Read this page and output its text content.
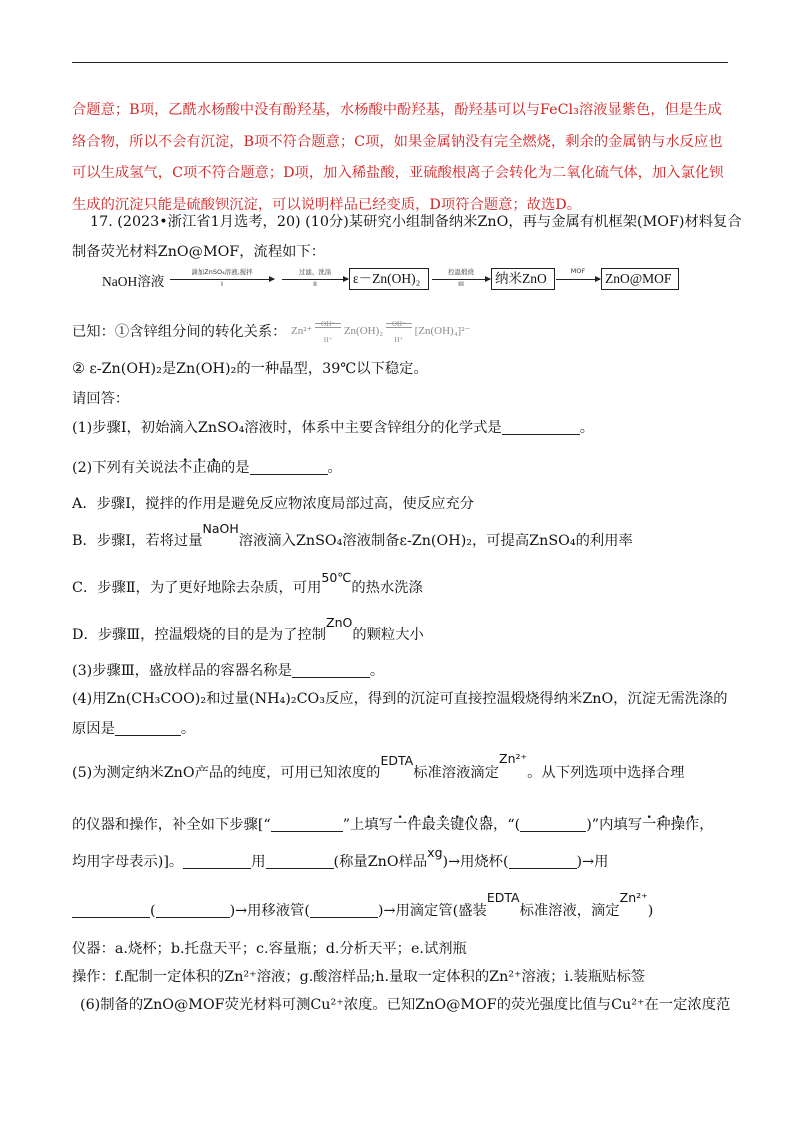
合题意；B项，乙酰水杨酸中没有酚羟基，水杨酸中酚羟基，酚羟基可以与FeCl₃溶液显紫色，但是生成络合物，所以不会有沉淀，B项不符合题意；C项，如果金属钠没有完全燃烧，剩余的金属钠与水反应也可以生成氢气，C项不符合题意；D项，加入稀盐酸，亚硫酸根离子会转化为二氧化硫气体，加入氯化钡生成的沉淀只能是硫酸钡沉淀，可以说明样品已经变质，D项符合题意；故选D。
17. (2023•浙江省1月选考，20) (10分)某研究小组制备纳米ZnO，再与金属有机框架(MOF)材料复合
制备荧光材料ZnO@MOF，流程如下：
NaOH溶液
滴加ZnSO₄溶液,搅拌
I
过滤、洗涤
II	ε－Zn(OH)₂	控温煅烧
III	纳米ZnO	MOF	ZnO@MOF
已知：①含锌组分间的转化关系： $Zn^{2+} \frac{OH^-}{H^+} Zn(OH)_2 \frac{OH^-}{H^+} [Zn(OH)_4]^{2-}$
② ε-Zn(OH)₂是Zn(OH)₂的一种晶型，39℃以下稳定。
请回答：
(1)步骤Ⅰ，初始滴入ZnSO₄溶液时，体系中主要含锌组分的化学式是	。
(2)下列有关说法不正确的是	。
A．步骤Ⅰ，搅拌的作用是避免反应物浓度局部过高，使反应充分
B．步骤Ⅰ，若将过量NaOH溶液滴入ZnSO₄溶液制备ε-Zn(OH)₂，可提高ZnSO₄的利用率
C．步骤Ⅱ，为了更好地除去杂质，可用50℃的热水洗涤
D．步骤Ⅲ，控温煅烧的目的是为了控制ZnO的颗粒大小
(3)步骤Ⅲ，盛放样品的容器名称是	。
(4)用Zn(CH₃COO)₂和过量(NH₄)₂CO₃反应，得到的沉淀可直接控温煅烧得纳米ZnO，沉淀无需洗涤的
原因是	。
(5)为测定纳米ZnO产品的纯度，可用已知浓度的EDTA标准溶液滴定Zn²⁺。从下列选项中选择合理
的仪器和操作，补全如下步骤[“	”上填写一件最关键仪器，“(	)”内填写一种操作，
均用字母表示)]。	用	(称量ZnO样品xg)→用烧杯(	)→用
(	)→用移液管(	)→用滴定管(盛装EDTA标准溶液，滴定Zn²⁺)
仪器：a.烧杯；b.托盘天平；c.容量瓶；d.分析天平；e.试剂瓶
操作：f.配制一定体积的Zn²⁺溶液；g.酸溶样品;h.量取一定体积的Zn²⁺溶液；i.装瓶贴标签
(6)制备的ZnO@MOF荧光材料可测Cu²⁺浓度。已知ZnO@MOF的荧光强度比值与Cu²⁺在一定浓度范
